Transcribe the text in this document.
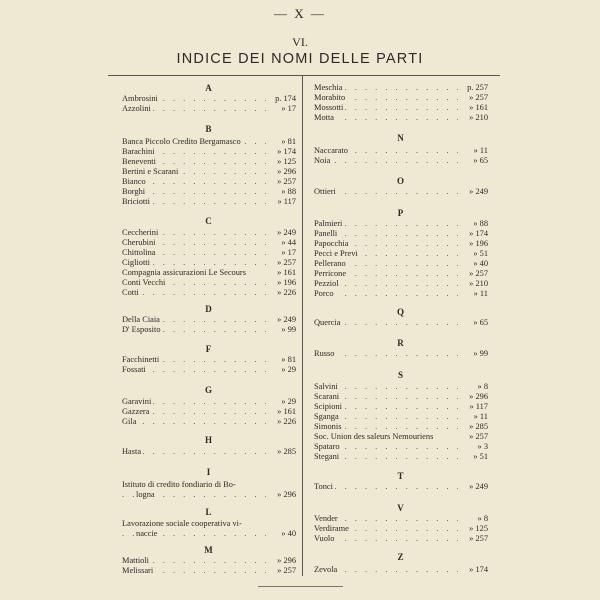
— X —
VI.
INDICE DEI NOMI DELLE PARTI
A
Ambrosini . . .	p. 174
Azzolini . . .	» 17
B
Banca Piccolo Credito Bergamasco . . .	» 81
Barachini . . .	» 174
Beneventi . . .	» 125
Bertini e Scarani . . .	» 296
Bianco . . .	» 257
Borghi . . .	» 88
Briciotti . . .	» 117
C
Ceccherini . . .	» 249
Cherubini . . .	» 44
Chittolina . . .	» 17
Cigliotti . . .	» 257
Compagnia assicurazioni Le Secours	» 161
Conti Vecchi . . .	» 196
Cotti . . .	» 226
D
Della Ciaia . . .	» 249
D' Esposito . . .	» 99
F
Facchinetti . . .	» 81
Fossati . . .	» 29
G
Garavini . . .	» 29
Gazzera . . .	» 161
Gila . . .	» 226
H
Hasta . . .	» 285
I
Istituto di credito fondiario di Bo-
logna . . .	» 296
L
Lavorazione sociale cooperativa vi-
naccie . . .	» 40
M
Mattioli . . .	» 296
Melissari . . .	» 257
Meschia . . .	p. 257
Morabito . . .	» 257
Mossotti . . .	» 161
Motta . . .	» 210
N
Naccarato . . .	» 11
Noia . . .	» 65
O
Ottieri . . .	» 249
P
Palmieri . . .	» 88
Panelli . . .	» 174
Papocchia . . .	» 196
Pecci e Previ . . .	» 51
Pellerano . . .	» 40
Perricone . . .	» 257
Pezziol . . .	» 210
Porco . . .	» 11
Q
Quercia . . .	» 65
R
Russo . . .	» 99
S
Salvini . . .	» 8
Scarani . . .	» 296
Scipioni . . .	» 117
Sganga . . .	» 11
Simonis . . .	» 285
Soc. Union des saleurs Nemouriens	» 257
Spataro . . .	» 3
Stegani . . .	» 51
T
Tonci . . .	» 249
V
Vender . . .	» 8
Verdirame . . .	» 125
Vuolo . . .	» 257
Z
Zevola . . .	» 174
